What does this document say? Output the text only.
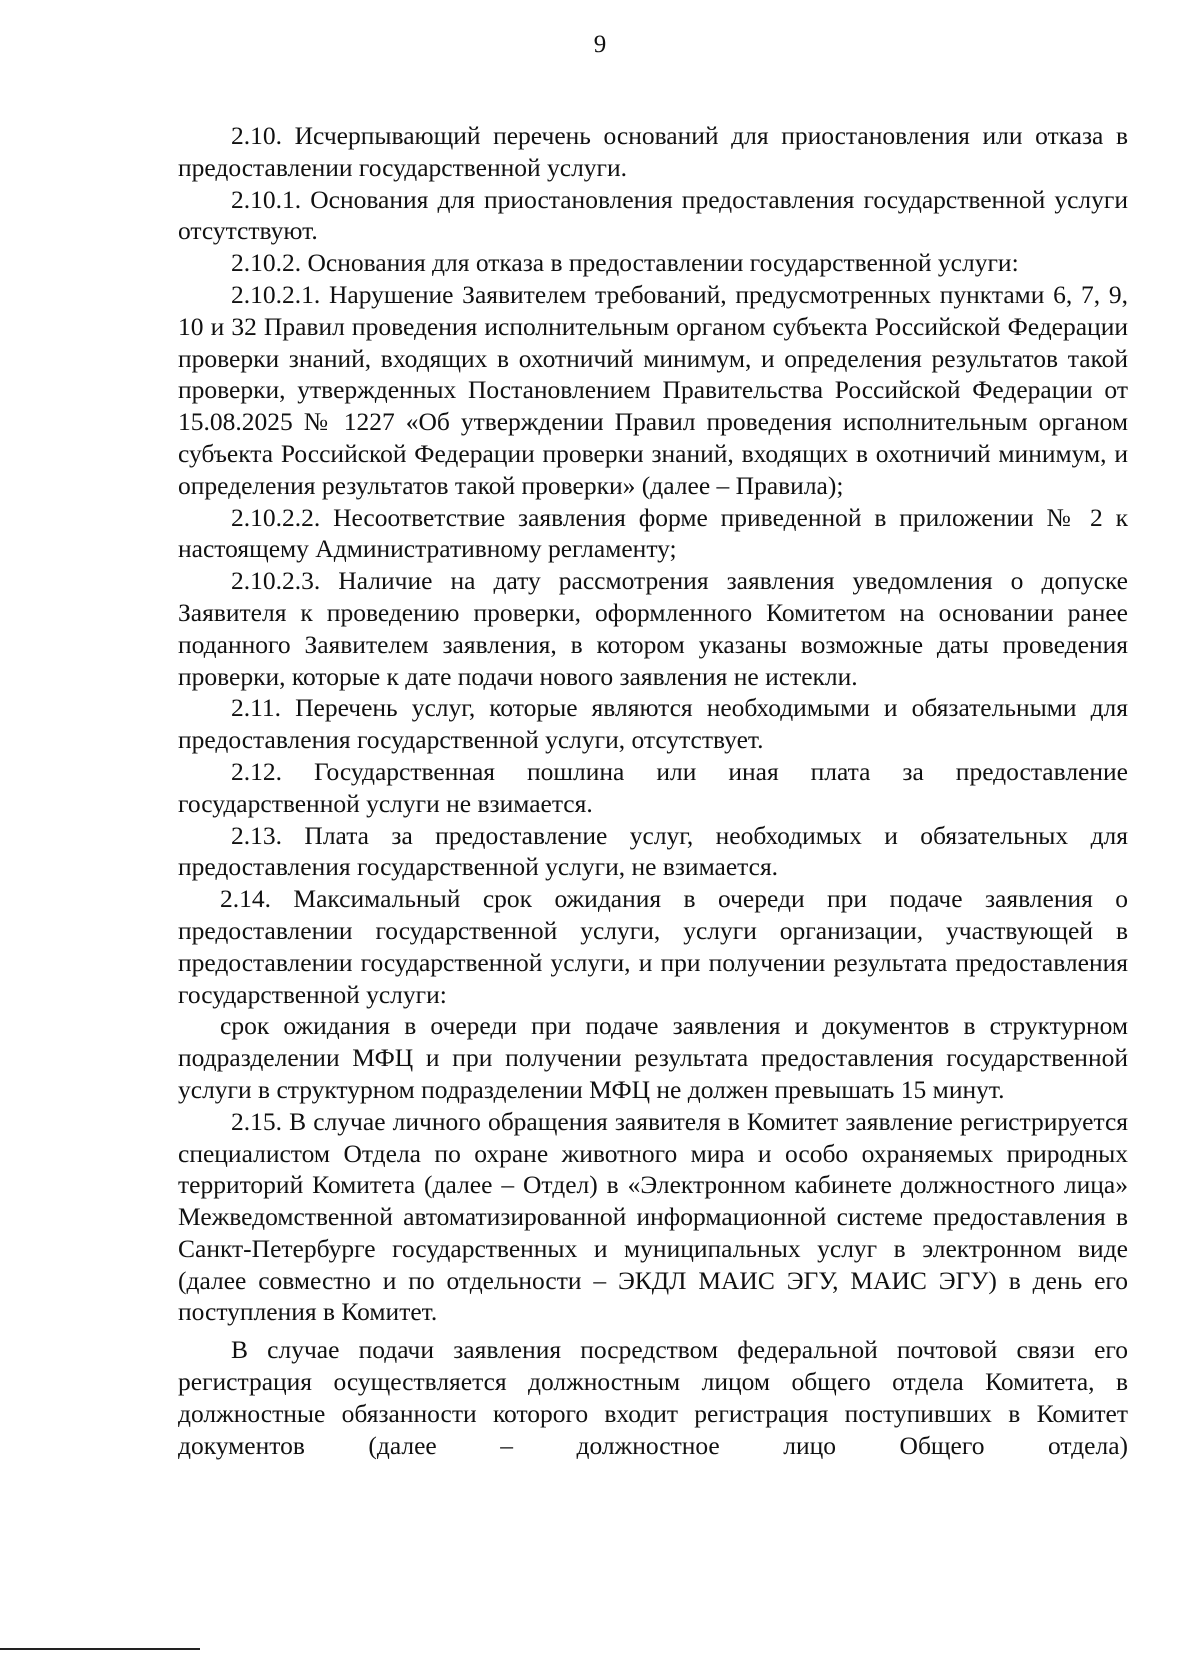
9

2.10. Исчерпывающий перечень оснований для приостановления или отказа в предоставлении государственной услуги.

2.10.1. Основания для приостановления предоставления государственной услуги отсутствуют.

2.10.2. Основания для отказа в предоставлении государственной услуги:

2.10.2.1. Нарушение Заявителем требований, предусмотренных пунктами 6, 7, 9, 10 и 32 Правил проведения исполнительным органом субъекта Российской Федерации проверки знаний, входящих в охотничий минимум, и определения результатов такой проверки, утвержденных Постановлением Правительства Российской Федерации от 15.08.2025 № 1227 «Об утверждении Правил проведения исполнительным органом субъекта Российской Федерации проверки знаний, входящих в охотничий минимум, и определения результатов такой проверки» (далее – Правила);

2.10.2.2. Несоответствие заявления форме приведенной в приложении № 2 к настоящему Административному регламенту;

2.10.2.3. Наличие на дату рассмотрения заявления уведомления о допуске Заявителя к проведению проверки, оформленного Комитетом на основании ранее поданного Заявителем заявления, в котором указаны возможные даты проведения проверки, которые к дате подачи нового заявления не истекли.

2.11. Перечень услуг, которые являются необходимыми и обязательными для предоставления государственной услуги, отсутствует.

2.12. Государственная пошлина или иная плата за предоставление государственной услуги не взимается.

2.13. Плата за предоставление услуг, необходимых и обязательных для предоставления государственной услуги, не взимается.

2.14. Максимальный срок ожидания в очереди при подаче заявления о предоставлении государственной услуги, услуги организации, участвующей в предоставлении государственной услуги, и при получении результата предоставления государственной услуги:

срок ожидания в очереди при подаче заявления и документов в структурном подразделении МФЦ и при получении результата предоставления государственной услуги в структурном подразделении МФЦ не должен превышать 15 минут.

2.15. В случае личного обращения заявителя в Комитет заявление регистрируется специалистом Отдела по охране животного мира и особо охраняемых природных территорий Комитета (далее – Отдел) в «Электронном кабинете должностного лица» Межведомственной автоматизированной информационной системе предоставления в Санкт-Петербурге государственных и муниципальных услуг в электронном виде (далее совместно и по отдельности – ЭКДЛ МАИС ЭГУ, МАИС ЭГУ) в день его поступления в Комитет.

В случае подачи заявления посредством федеральной почтовой связи его регистрация осуществляется должностным лицом общего отдела Комитета, в должностные обязанности которого входит регистрация поступивших в Комитет документов (далее – должностное лицо Общего отдела)
